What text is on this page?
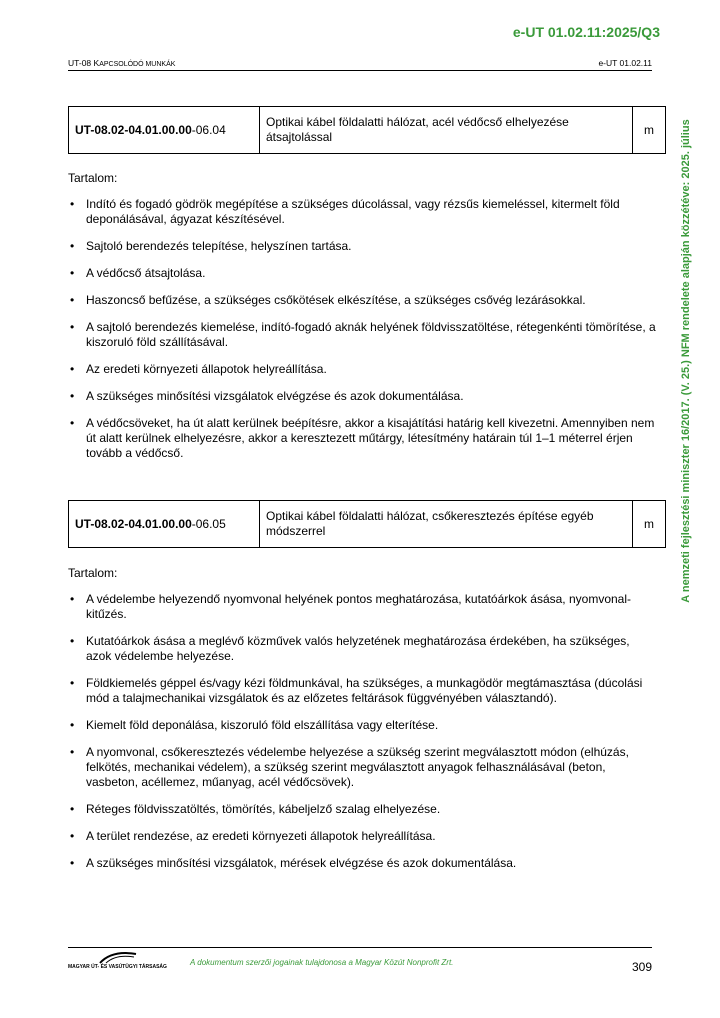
e-UT 01.02.11:2025/Q3
UT-08 KAPCSOLÓDÓ MUNKÁK	e-UT 01.02.11
A nemzeti fejlesztési miniszter 16/2017. (V. 25.) NFM rendelete alapján közzétéve: 2025. július
UT-08.02-04.01.00.00-06.04	Optikai kábel földalatti hálózat, acél védőcső elhelyezése átsajtolással	m
Tartalom:
• Indító és fogadó gödrök megépítése a szükséges dúcolással, vagy rézsűs kiemeléssel, kitermelt föld deponálásával, ágyazat készítésével.
• Sajtoló berendezés telepítése, helyszínen tartása.
• A védőcső átsajtolása.
• Haszoncső befűzése, a szükséges csőkötések elkészítése, a szükséges csővég lezárásokkal.
• A sajtoló berendezés kiemelése, indító-fogadó aknák helyének földvisszatöltése, rétegenkénti tömörítése, a kiszoruló föld szállításával.
• Az eredeti környezeti állapotok helyreállítása.
• A szükséges minősítési vizsgálatok elvégzése és azok dokumentálása.
• A védőcsöveket, ha út alatt kerülnek beépítésre, akkor a kisajátítási határig kell kivezetni. Amennyiben nem út alatt kerülnek elhelyezésre, akkor a keresztezett műtárgy, létesítmény határain túl 1–1 méterrel érjen tovább a védőcső.
UT-08.02-04.01.00.00-06.05	Optikai kábel földalatti hálózat, csőkeresztezés építése egyéb módszerrel	m
Tartalom:
• A védelembe helyezendő nyomvonal helyének pontos meghatározása, kutatóárkok ásása, nyomvonal-kitűzés.
• Kutatóárkok ásása a meglévő közművek valós helyzetének meghatározása érdekében, ha szükséges, azok védelembe helyezése.
• Földkiemelés géppel és/vagy kézi földmunkával, ha szükséges, a munkagödör megtámasztása (dúcolási mód a talajmechanikai vizsgálatok és az előzetes feltárások függvényében választandó).
• Kiemelt föld deponálása, kiszoruló föld elszállítása vagy elterítése.
• A nyomvonal, csőkeresztezés védelembe helyezése a szükség szerint megválasztott módon (elhúzás, felkötés, mechanikai védelem), a szükség szerint megválasztott anyagok felhasználásával (beton, vasbeton, acéllemez, műanyag, acél védőcsövek).
• Réteges földvisszatöltés, tömörítés, kábeljelző szalag elhelyezése.
• A terület rendezése, az eredeti környezeti állapotok helyreállítása.
• A szükséges minősítési vizsgálatok, mérések elvégzése és azok dokumentálása.
MAGYAR ÚT- ÉS VASÚTÜGYI TÁRSASÁG	A dokumentum szerzői jogainak tulajdonosa a Magyar Közút Nonprofit Zrt.	309
